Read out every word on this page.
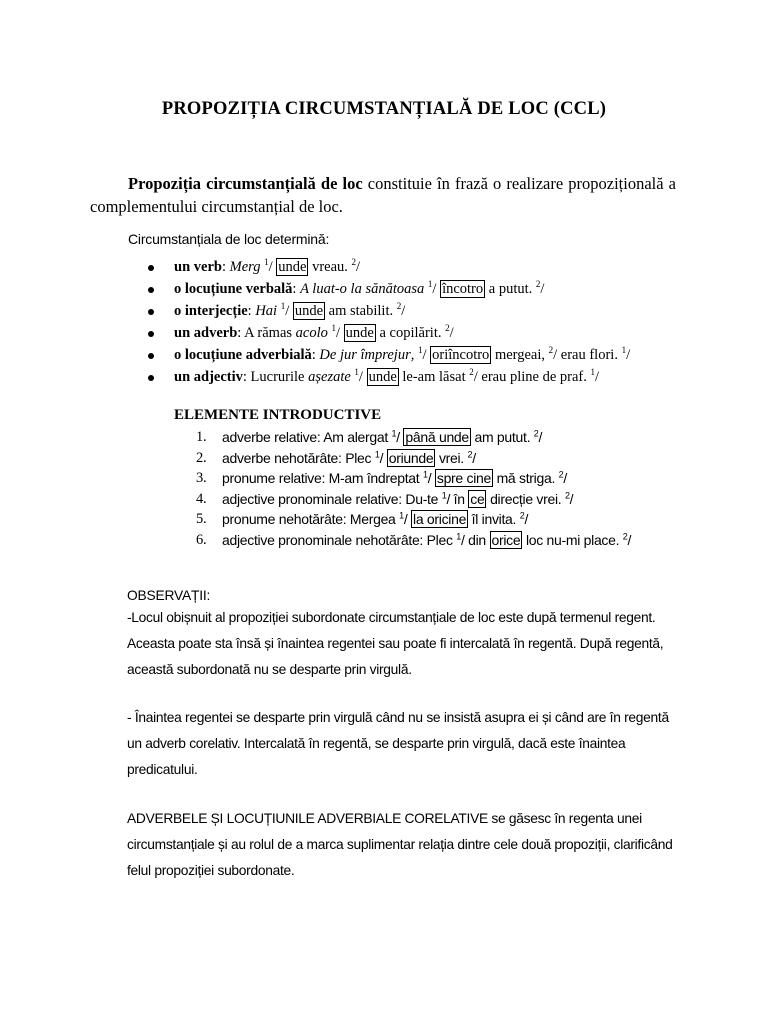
PROPOZIȚIA CIRCUMSTANȚIALĂ DE LOC (CCL)
Propoziția circumstanțială de loc constituie în frază o realizare propozițională a complementului circumstanțial de loc.
Circumstanțiala de loc determină:
un verb: Merg $^1$/ unde vreau. $^2$/
o locuțiune verbală: A luat-o la sănătoasa $^1$/ încotro a putut. $^2$/
o interjecție: Hai $^1$/ unde am stabilit. $^2$/
un adverb: A rămas acolo $^1$/ unde a copilărit. $^2$/
o locuțiune adverbială: De jur împrejur, $^1$/ oriîncotro mergeai, $^2$/ erau flori. $^1$/
un adjectiv: Lucrurile așezate $^1$/ unde le-am lăsat $^2$/ erau pline de praf. $^1$/
ELEMENTE INTRODUCTIVE
1. adverbe relative: Am alergat $^1$/ până unde am putut. $^2$/
2. adverbe nehotărâte: Plec $^1$/ oriunde vrei. $^2$/
3. pronume relative: M-am îndreptat $^1$/ spre cine mă striga. $^2$/
4. adjective pronominale relative: Du-te $^1$/ în ce direcție vrei. $^2$/
5. pronume nehotărâte: Mergea $^1$/ la oricine îl invita. $^2$/
6. adjective pronominale nehotărâte: Plec $^1$/ din orice loc nu-mi place. $^2$/
OBSERVAȚII:
-Locul obișnuit al propoziției subordonate circumstanțiale de loc este după termenul regent. Aceasta poate sta însă și înaintea regentei sau poate fi intercalată în regentă. După regentă, această subordonată nu se desparte prin virgulă.
- Înaintea regentei se desparte prin virgulă când nu se insistă asupra ei și când are în regentă un adverb corelativ. Intercalată în regentă, se desparte prin virgulă, dacă este înaintea predicatului.
ADVERBELE ȘI LOCUȚIUNILE ADVERBIALE CORELATIVE se găsesc în regenta unei circumstanțiale și au rolul de a marca suplimentar relația dintre cele două propoziții, clarificând felul propoziției subordonate.
